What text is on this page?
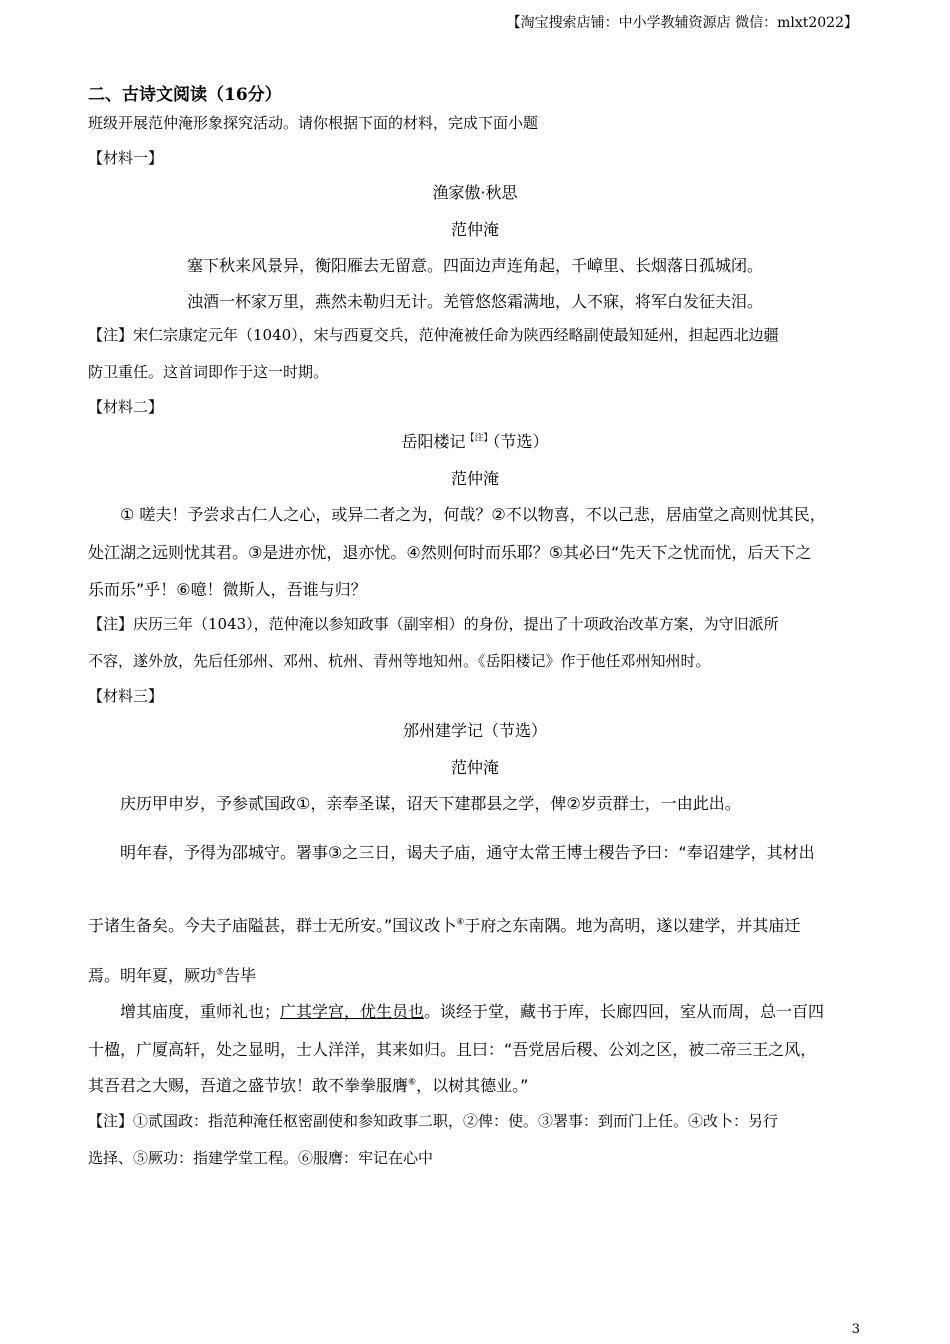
【淘宝搜索店铺：中小学教辅资源店 微信：mlxt2022】
二、古诗文阅读（16分）
班级开展范仲淹形象探究活动。请你根据下面的材料，完成下面小题
【材料一】
渔家傲·秋思
范仲淹
塞下秋来风景异，衡阳雁去无留意。四面边声连角起，千嶂里、长烟落日孤城闭。
浊酒一杯家万里，燕然未勒归无计。羌管悠悠霜满地，人不寐，将军白发征夫泪。
【注】宋仁宗康定元年（1040），宋与西夏交兵，范仲淹被任命为陕西经略副使最知延州，担起西北边疆
防卫重任。这首词即作于这一时期。
【材料二】
岳阳楼记$^{【注】}$（节选）
范仲淹
① 嗟夫！予尝求古仁人之心，或异二者之为，何哉？②不以物喜，不以己悲，居庙堂之高则忧其民，
处江湖之远则忧其君。③是进亦忧，退亦忧。④然则何时而乐耶？⑤其必曰“先天下之忧而忧，后天下之
乐而乐”乎！⑥噫！微斯人，吾谁与归？
【注】庆历三年（1043），范仲淹以参知政事（副宰相）的身份，提出了十项政治改革方案，为守旧派所
不容，遂外放，先后任邠州、邓州、杭州、青州等地知州。《岳阳楼记》作于他任邓州知州时。
【材料三】
邠州建学记（节选）
范仲淹
庆历甲申岁，予参贰国政①，亲奉圣谋，诏天下建郡县之学，俾②岁贡群士，一由此出。
明年春，予得为邵城守。署事③之三日，谒夫子庙，通守太常王博士稷告予曰：“奉诏建学，其材出
于诸生备矣。今夫子庙隘甚，群士无所安。”国议改卜④于府之东南隅。地为高明，遂以建学，并其庙迁
焉。明年夏，厥功⑤告毕
增其庙度，重师礼也；广其学宫，优生员也。谈经于堂，藏书于库，长廊四回，室从而周，总一百四
十楹，广厦高轩，处之显明，士人洋洋，其来如归。且曰：“吾党居后稷、公刘之区，被二帝三王之风，
其吾君之大赐，吾道之盛节欤！敢不拳拳服膺⑥，以树其德业。”
【注】①贰国政：指范种淹任枢密副使和参知政事二职，②俾：使。③署事：到而门上任。④改卜：另行
选择、⑤厥功：指建学堂工程。⑥服膺：牢记在心中
3
